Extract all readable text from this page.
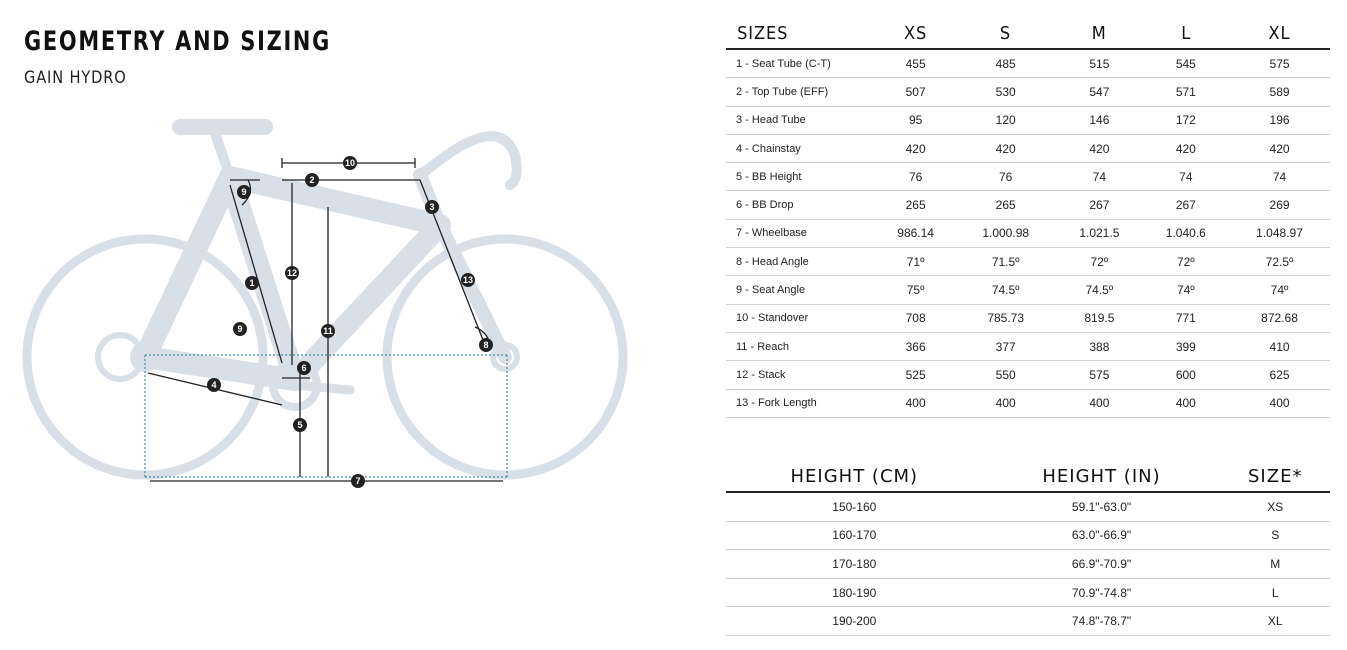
GEOMETRY AND SIZING
GAIN HYDRO
10
2
9
3
12
13
1
9	11
8
6
4
5
7
SIZES	XS	S	M	L	XL
1 - Seat Tube (C-T)	455	485	515	545	575
2 - Top Tube (EFF)	507	530	547	571	589
3 - Head Tube	95	120	146	172	196
4 - Chainstay	420	420	420	420	420
5 - BB Height	76	76	74	74	74
6 - BB Drop	265	265	267	267	269
7 - Wheelbase	986.14	1.000.98	1.021.5	1.040.6	1.048.97
8 - Head Angle	71º	71.5º	72º	72º	72.5º
9 - Seat Angle	75º	74.5º	74.5º	74º	74º
10 - Standover	708	785.73	819.5	771	872.68
11 - Reach	366	377	388	399	410
12 - Stack	525	550	575	600	625
13 - Fork Length	400	400	400	400	400
HEIGHT (CM)	HEIGHT (IN)	SIZE*
150-160	59.1"-63.0"	XS
160-170	63.0"-66.9"	S
170-180	66.9"-70.9"	M
180-190	70.9"-74.8"	L
190-200	74.8"-78.7"	XL
